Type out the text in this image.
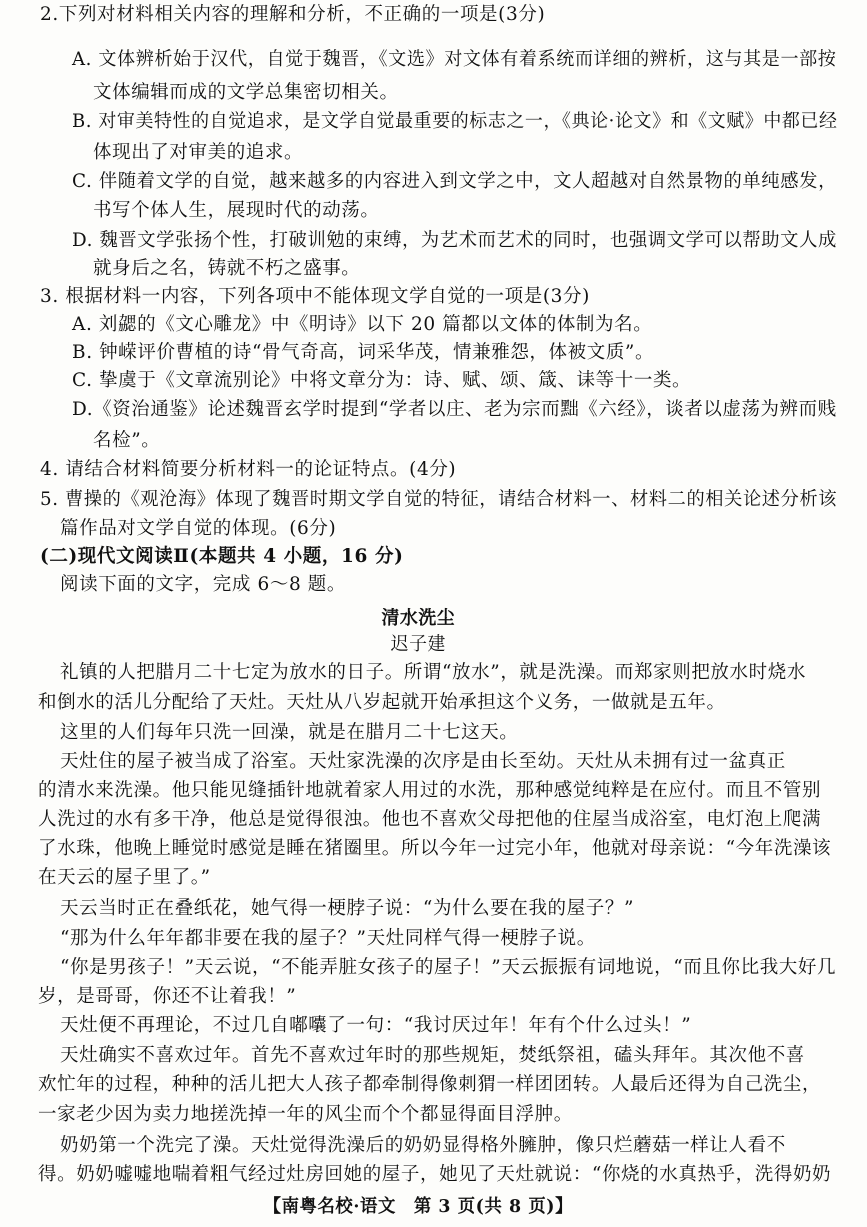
2.下列对材料相关内容的理解和分析，不正确的一项是(3分)
A. 文体辨析始于汉代，自觉于魏晋，《文选》对文体有着系统而详细的辨析，这与其是一部按
文体编辑而成的文学总集密切相关。
B. 对审美特性的自觉追求，是文学自觉最重要的标志之一，《典论·论文》和《文赋》中都已经
体现出了对审美的追求。
C. 伴随着文学的自觉，越来越多的内容进入到文学之中，文人超越对自然景物的单纯感发，
书写个体人生，展现时代的动荡。
D. 魏晋文学张扬个性，打破训勉的束缚，为艺术而艺术的同时，也强调文学可以帮助文人成
就身后之名，铸就不朽之盛事。
3. 根据材料一内容，下列各项中不能体现文学自觉的一项是(3分)
A. 刘勰的《文心雕龙》中《明诗》以下 20 篇都以文体的体制为名。
B. 钟嵘评价曹植的诗“骨气奇高，词采华茂，情兼雅怨，体被文质”。
C. 挚虞于《文章流别论》中将文章分为：诗、赋、颂、箴、诔等十一类。
D.《资治通鉴》论述魏晋玄学时提到“学者以庄、老为宗而黜《六经》，谈者以虚荡为辨而贱
名检”。
4. 请结合材料简要分析材料一的论证特点。(4分)
5. 曹操的《观沧海》体现了魏晋时期文学自觉的特征，请结合材料一、材料二的相关论述分析该
篇作品对文学自觉的体现。(6分)
(二)现代文阅读Ⅱ(本题共 4 小题，16 分)
阅读下面的文字，完成 6～8 题。
清水洗尘
迟子建
礼镇的人把腊月二十七定为放水的日子。所谓“放水”，就是洗澡。而郑家则把放水时烧水
和倒水的活儿分配给了天灶。天灶从八岁起就开始承担这个义务，一做就是五年。
这里的人们每年只洗一回澡，就是在腊月二十七这天。
天灶住的屋子被当成了浴室。天灶家洗澡的次序是由长至幼。天灶从未拥有过一盆真正
的清水来洗澡。他只能见缝插针地就着家人用过的水洗，那种感觉纯粹是在应付。而且不管别
人洗过的水有多干净，他总是觉得很浊。他也不喜欢父母把他的住屋当成浴室，电灯泡上爬满
了水珠，他晚上睡觉时感觉是睡在猪圈里。所以今年一过完小年，他就对母亲说：“今年洗澡该
在天云的屋子里了。”
天云当时正在叠纸花，她气得一梗脖子说：“为什么要在我的屋子？”
“那为什么年年都非要在我的屋子？”天灶同样气得一梗脖子说。
“你是男孩子！”天云说，“不能弄脏女孩子的屋子！”天云振振有词地说，“而且你比我大好几
岁，是哥哥，你还不让着我！”
天灶便不再理论，不过几自嘟囔了一句：“我讨厌过年！年有个什么过头！”
天灶确实不喜欢过年。首先不喜欢过年时的那些规矩，焚纸祭祖，磕头拜年。其次他不喜
欢忙年的过程，种种的活儿把大人孩子都牵制得像刺猬一样团团转。人最后还得为自己洗尘，
一家老少因为卖力地搓洗掉一年的风尘而个个都显得面目浮肿。
奶奶第一个洗完了澡。天灶觉得洗澡后的奶奶显得格外臃肿，像只烂蘑菇一样让人看不
得。奶奶嘘嘘地喘着粗气经过灶房回她的屋子，她见了天灶就说：“你烧的水真热乎，洗得奶奶
【南粤名校·语文　第 3 页(共 8 页)】
